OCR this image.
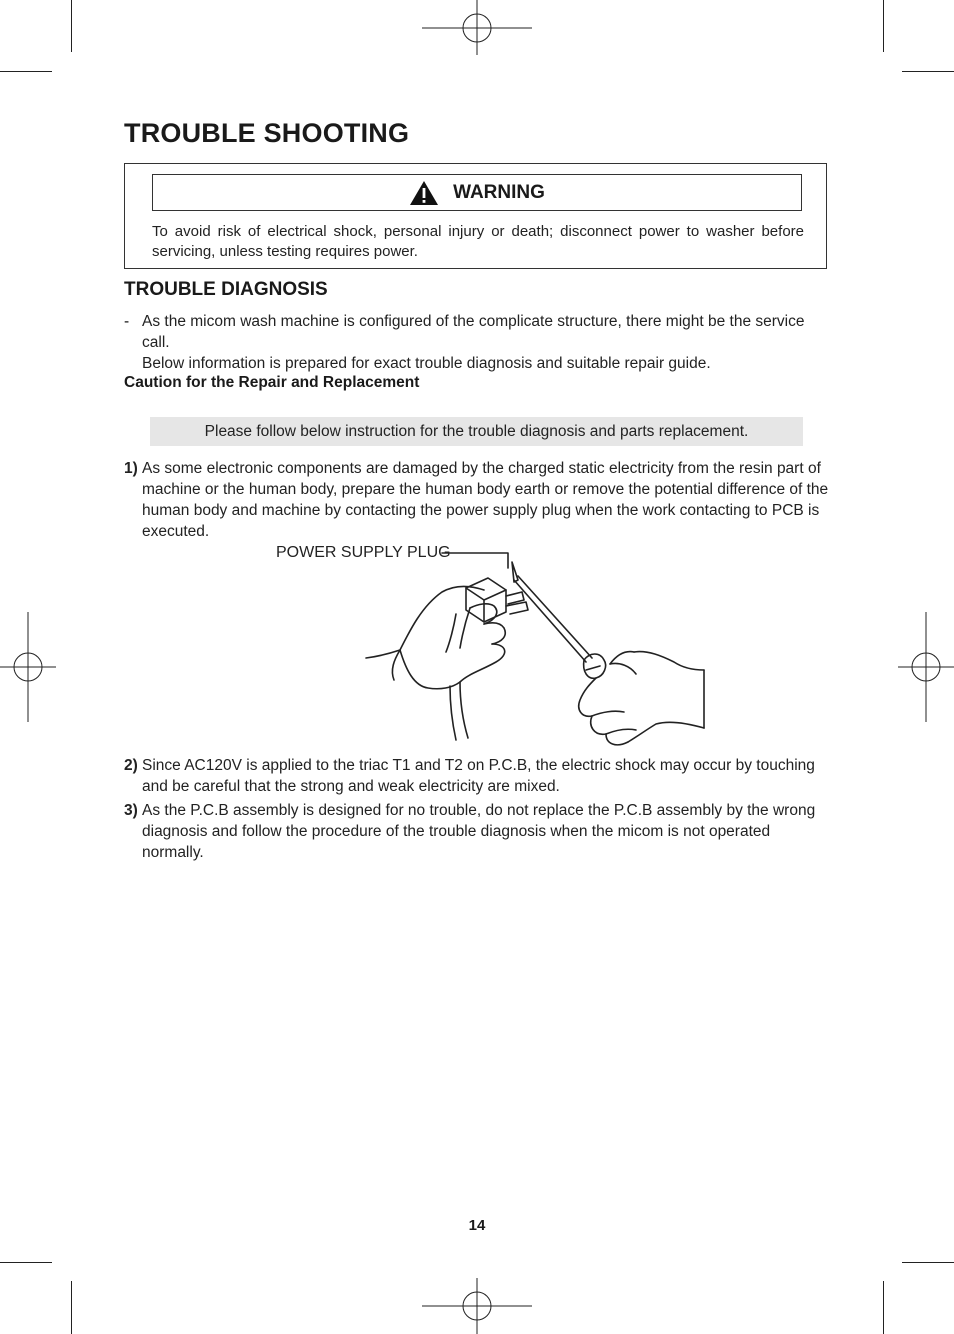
TROUBLE SHOOTING
WARNING
To avoid risk of electrical shock, personal injury or death; disconnect power to washer before servicing, unless testing requires power.
TROUBLE DIAGNOSIS
- As the micom wash machine is configured of the complicate structure, there might be the service call.

Below information is prepared for exact trouble diagnosis and suitable repair guide.

Caution for the Repair and Replacement
Please follow below instruction for the trouble diagnosis and parts replacement.
1) As some electronic components are damaged by the charged static electricity from the resin part of machine or the human body, prepare the human body earth or remove the potential difference of the human body and machine by contacting the power supply plug when the work contacting to PCB is executed.
POWER SUPPLY PLUG
2) Since AC120V is applied to the triac T1 and T2 on P.C.B, the electric shock may occur by touching and be careful that the strong and weak electricity are mixed.
3) As the P.C.B assembly is designed for no trouble, do not replace the P.C.B assembly by the wrong diagnosis and follow the procedure of the trouble diagnosis when the micom is not operated normally.
14
